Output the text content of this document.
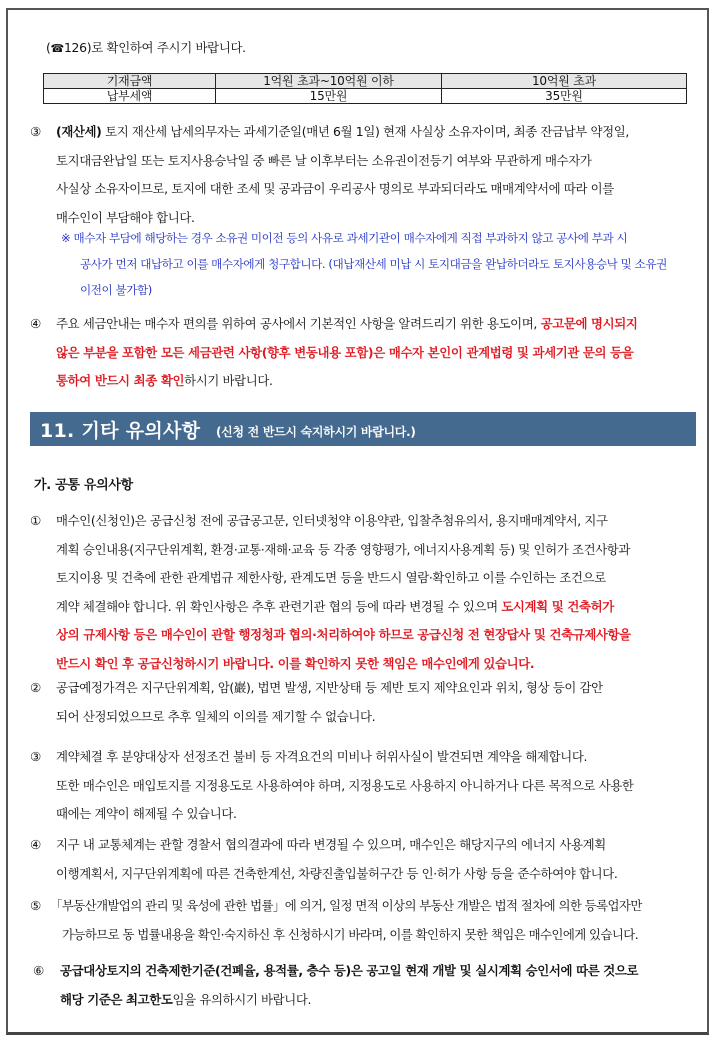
(☎126)로 확인하여 주시기 바랍니다.
기재금액	1억원 초과~10억원 이하	10억원 초과
납부세액	15만원	35만원
③ (재산세) 토지 재산세 납세의무자는 과세기준일(매년 6월 1일) 현재 사실상 소유자이며, 최종 잔금납부 약정일,
토지대금완납일 또는 토지사용승낙일 중 빠른 날 이후부터는 소유권이전등기 여부와 무관하게 매수자가
사실상 소유자이므로, 토지에 대한 조세 및 공과금이 우리공사 명의로 부과되더라도 매매계약서에 따라 이를
매수인이 부담해야 합니다.
※ 매수자 부담에 해당하는 경우 소유권 미이전 등의 사유로 과세기관이 매수자에게 직접 부과하지 않고 공사에 부과 시
공사가 먼저 대납하고 이를 매수자에게 청구합니다. (대납재산세 미납 시 토지대금을 완납하더라도 토지사용승낙 및 소유권
이전이 불가함)
④ 주요 세금안내는 매수자 편의를 위하여 공사에서 기본적인 사항을 알려드리기 위한 용도이며, 공고문에 명시되지
않은 부분을 포함한 모든 세금관련 사항(향후 변동내용 포함)은 매수자 본인이 관계법령 및 과세기관 문의 등을
통하여 반드시 최종 확인하시기 바랍니다.
11. 기타 유의사항 (신청 전 반드시 숙지하시기 바랍니다.)
가. 공통 유의사항
① 매수인(신청인)은 공급신청 전에 공급공고문, 인터넷청약 이용약관, 입찰추첨유의서, 용지매매계약서, 지구
계획 승인내용(지구단위계획, 환경·교통·재해·교육 등 각종 영향평가, 에너지사용계획 등) 및 인허가 조건사항과
토지이용 및 건축에 관한 관계법규 제한사항, 관계도면 등을 반드시 열람·확인하고 이를 수인하는 조건으로
계약 체결해야 합니다. 위 확인사항은 추후 관련기관 협의 등에 따라 변경될 수 있으며 도시계획 및 건축허가
상의 규제사항 등은 매수인이 관할 행정청과 협의·처리하여야 하므로 공급신청 전 현장답사 및 건축규제사항을
반드시 확인 후 공급신청하시기 바랍니다. 이를 확인하지 못한 책임은 매수인에게 있습니다.
② 공급예정가격은 지구단위계획, 암(巖), 법면 발생, 지반상태 등 제반 토지 제약요인과 위치, 형상 등이 감안
되어 산정되었으므로 추후 일체의 이의를 제기할 수 없습니다.
③ 계약체결 후 분양대상자 선정조건 불비 등 자격요건의 미비나 허위사실이 발견되면 계약을 해제합니다.
또한 매수인은 매입토지를 지정용도로 사용하여야 하며, 지정용도로 사용하지 아니하거나 다른 목적으로 사용한
때에는 계약이 해제될 수 있습니다.
④ 지구 내 교통체계는 관할 경찰서 협의결과에 따라 변경될 수 있으며, 매수인은 해당지구의 에너지 사용계획
이행계획서, 지구단위계획에 따른 건축한계선, 차량진출입불허구간 등 인·허가 사항 등을 준수하여야 합니다.
⑤ 「부동산개발업의 관리 및 육성에 관한 법률」에 의거, 일정 면적 이상의 부동산 개발은 법적 절차에 의한 등록업자만
가능하므로 동 법률내용을 확인·숙지하신 후 신청하시기 바라며, 이를 확인하지 못한 책임은 매수인에게 있습니다.
⑥ 공급대상토지의 건축제한기준(건폐율, 용적률, 층수 등)은 공고일 현재 개발 및 실시계획 승인서에 따른 것으로
해당 기준은 최고한도임을 유의하시기 바랍니다.
